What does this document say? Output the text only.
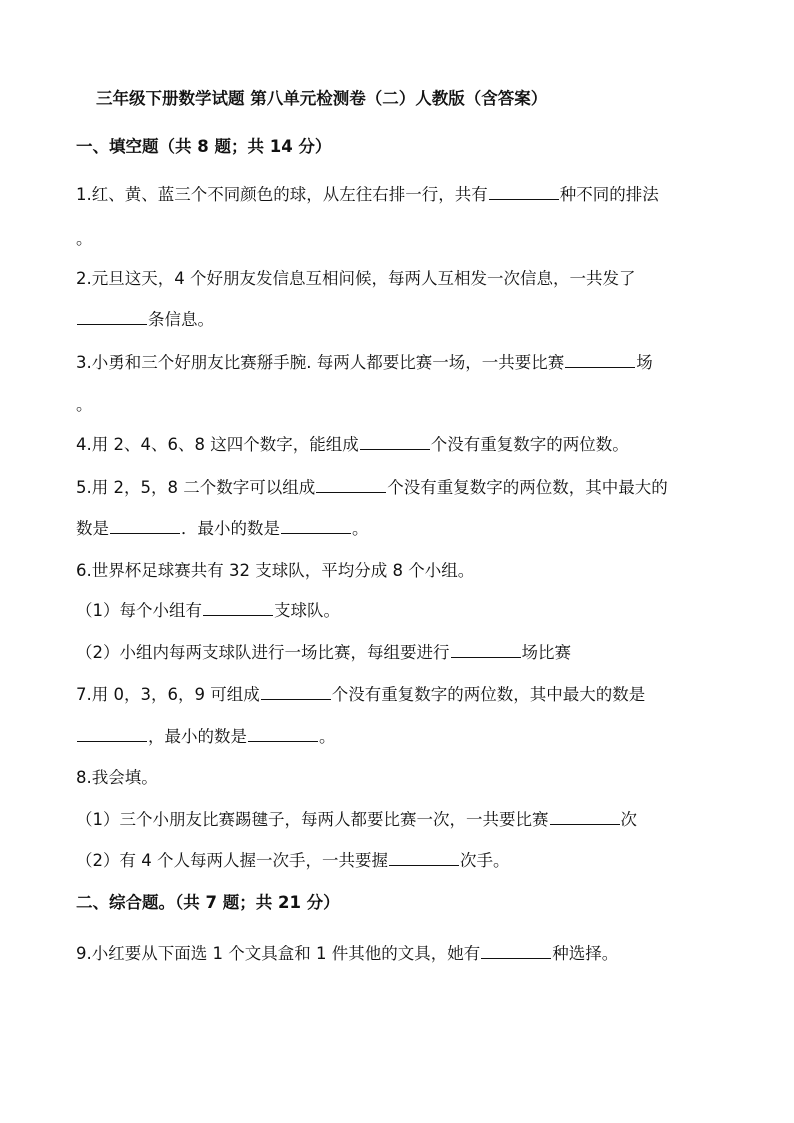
三年级下册数学试题 第八单元检测卷（二）人教版（含答案）
一、填空题（共 8 题；共 14 分）
1.红、黄、蓝三个不同颜色的球，从左往右排一行，共有	种不同的排法
。
2.元旦这天，4 个好朋友发信息互相问候，每两人互相发一次信息，一共发了
条信息。
3.小勇和三个好朋友比赛掰手腕. 每两人都要比赛一场，一共要比赛	场
。
4.用 2、4、6、8 这四个数字，能组成	个没有重复数字的两位数。
5.用 2，5，8 二个数字可以组成	个没有重复数字的两位数，其中最大的
数是	．最小的数是	。
6.世界杯足球赛共有 32 支球队，平均分成 8 个小组。
（1）每个小组有	支球队。
（2）小组内每两支球队进行一场比赛，每组要进行	场比赛
7.用 0，3，6，9 可组成	个没有重复数字的两位数，其中最大的数是
，最小的数是	。
8.我会填。
（1）三个小朋友比赛踢毽子，每两人都要比赛一次，一共要比赛	次
（2）有 4 个人每两人握一次手，一共要握	次手。
二、综合题。（共 7 题；共 21 分）
9.小红要从下面选 1 个文具盒和 1 件其他的文具，她有	种选择。
